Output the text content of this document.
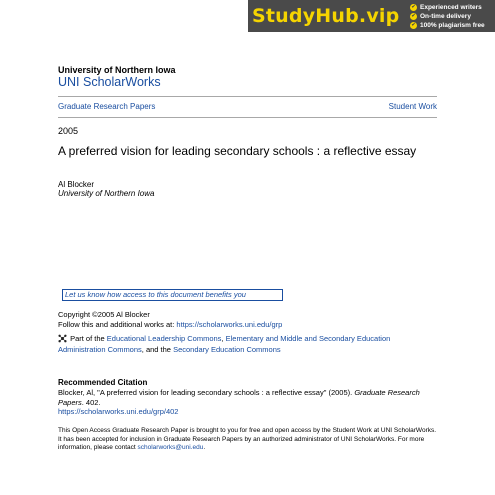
StudyHub.vip ✔ Experienced writers
✔ On-time delivery
✔ 100% plagiarism free
University of Northern Iowa
UNI ScholarWorks
Graduate Research Papers	Student Work
2005
A preferred vision for leading secondary schools : a reflective essay
Al Blocker
University of Northern Iowa
Let us know how access to this document benefits you
Copyright ©2005 Al Blocker
Follow this and additional works at: https://scholarworks.uni.edu/grp
Part of the Educational Leadership Commons, Elementary and Middle and Secondary Education Administration Commons, and the Secondary Education Commons
Recommended Citation
Blocker, Al, "A preferred vision for leading secondary schools : a reflective essay" (2005). Graduate Research Papers. 402.
https://scholarworks.uni.edu/grp/402
This Open Access Graduate Research Paper is brought to you for free and open access by the Student Work at UNI ScholarWorks. It has been accepted for inclusion in Graduate Research Papers by an authorized administrator of UNI ScholarWorks. For more information, please contact scholarworks@uni.edu.
